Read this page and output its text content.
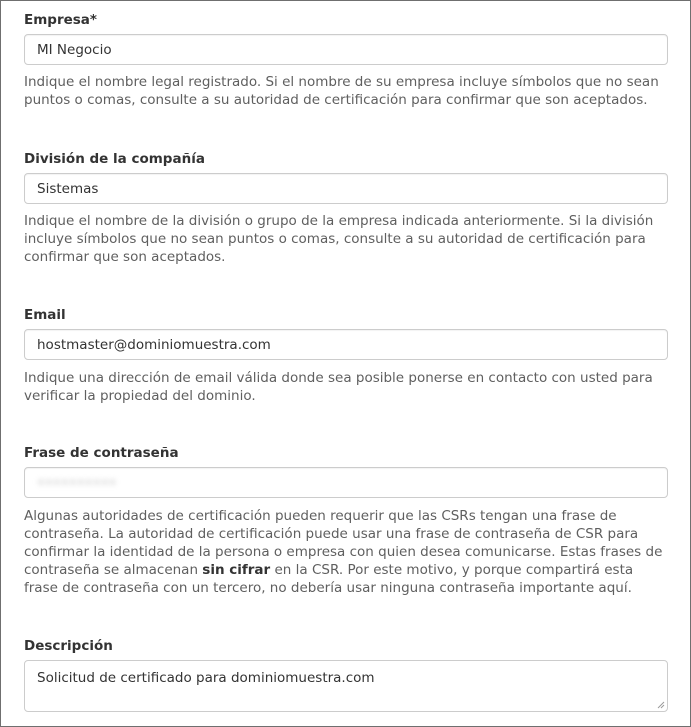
Empresa*
MI Negocio
Indique el nombre legal registrado. Si el nombre de su empresa incluye símbolos que no sean puntos o comas, consulte a su autoridad de certificación para confirmar que son aceptados.
División de la compañía
Sistemas
Indique el nombre de la división o grupo de la empresa indicada anteriormente. Si la división incluye símbolos que no sean puntos o comas, consulte a su autoridad de certificación para confirmar que son aceptados.
Email
hostmaster@dominiomuestra.com
Indique una dirección de email válida donde sea posible ponerse en contacto con usted para verificar la propiedad del dominio.
Frase de contraseña
••••••••••
Algunas autoridades de certificación pueden requerir que las CSRs tengan una frase de contraseña. La autoridad de certificación puede usar una frase de contraseña de CSR para confirmar la identidad de la persona o empresa con quien desea comunicarse. Estas frases de contraseña se almacenan sin cifrar en la CSR. Por este motivo, y porque compartirá esta frase de contraseña con un tercero, no debería usar ninguna contraseña importante aquí.
Descripción
Solicitud de certificado para dominiomuestra.com
